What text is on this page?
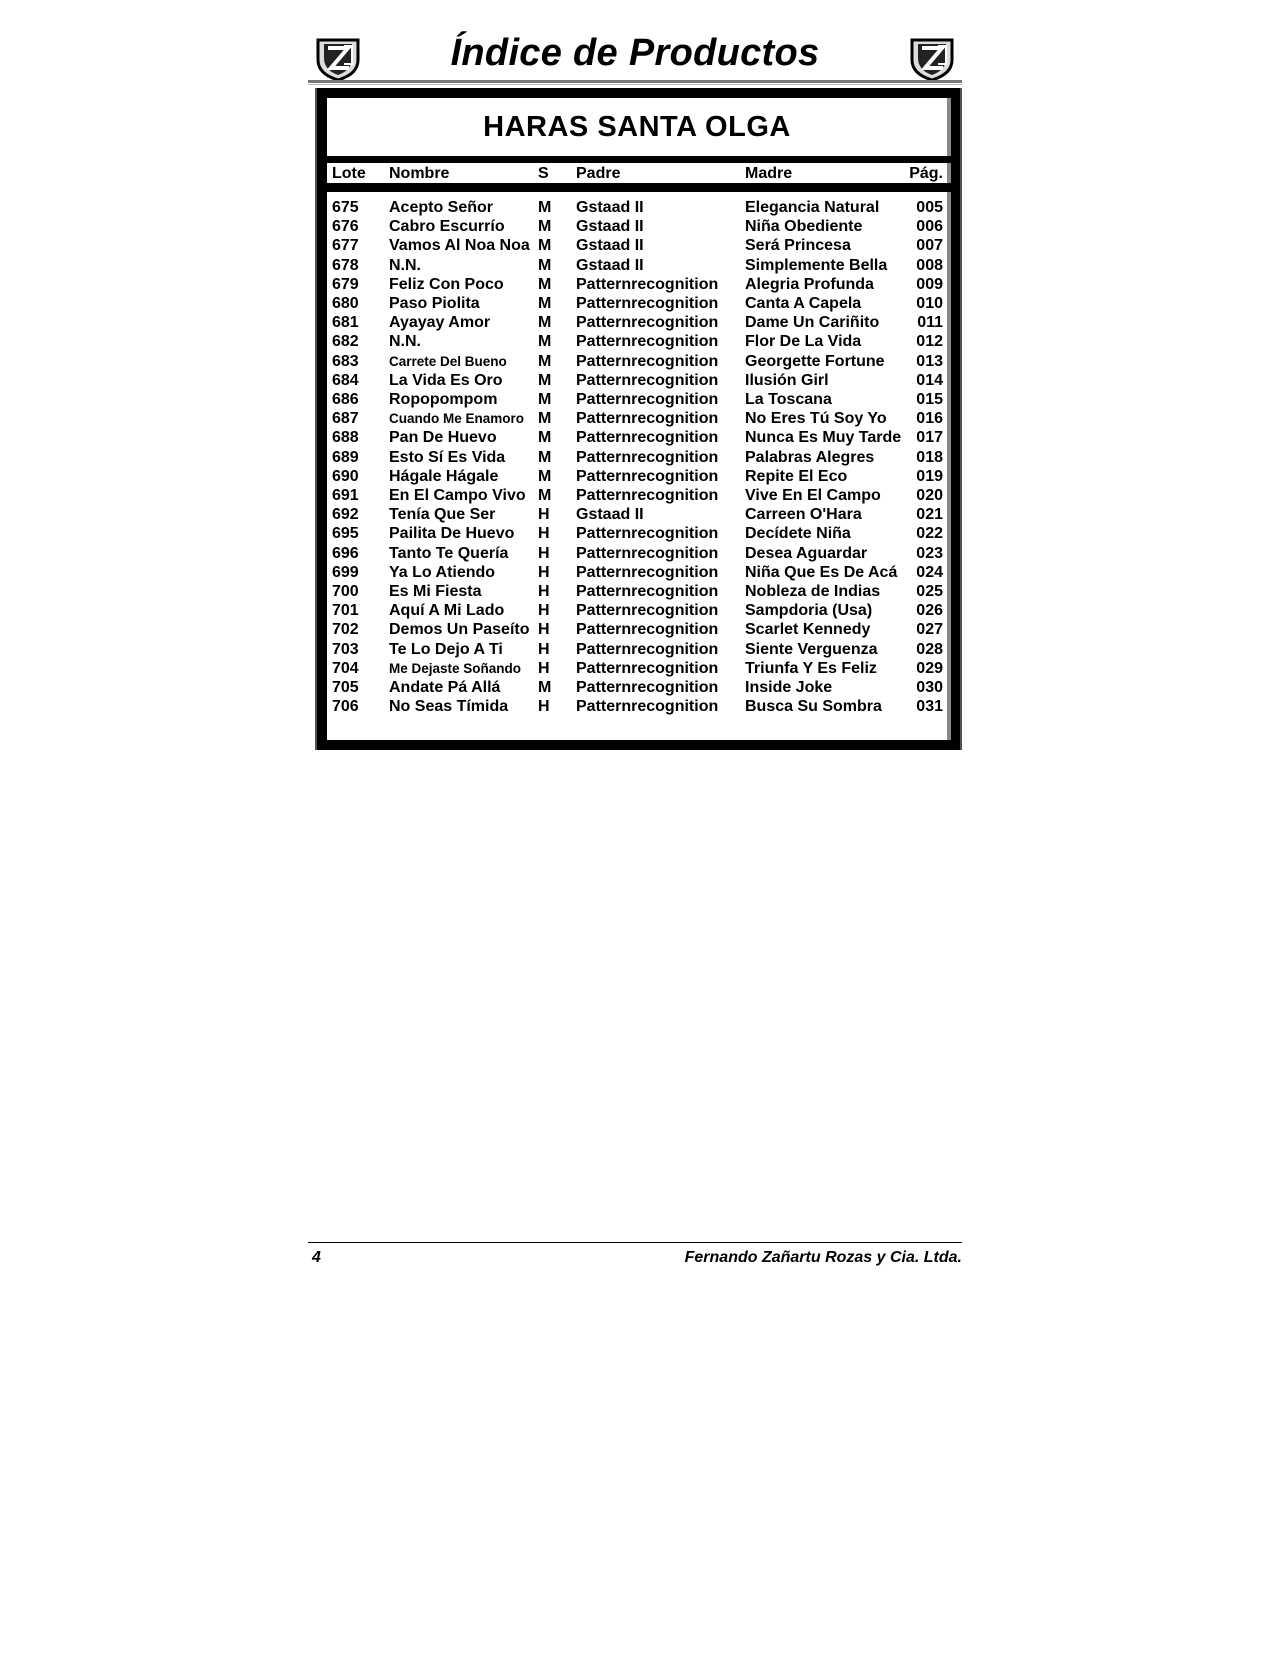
Índice de Productos
HARAS SANTA OLGA
Lote Nombre	S Padre	Madre	Pág.
675 Acepto Señor	M Gstaad II	Elegancia Natural 005
676 Cabro Escurrío	M Gstaad II	Niña Obediente	006
677 Vamos Al Noa Noa M Gstaad II	Será Princesa	007
678 N.N.	M Gstaad II	Simplemente Bella 008
679 Feliz Con Poco	M Patternrecognition Alegria Profunda	009
680 Paso Piolita	M Patternrecognition Canta A Capela	010
681 Ayayay Amor	M Patternrecognition Dame Un Cariñito 011
682 N.N.	M Patternrecognition Flor De La Vida	012
683 Carrete Del Bueno	M Patternrecognition Georgette Fortune 013
684 La Vida Es Oro	M Patternrecognition Ilusión Girl	014
686 Ropopompom	M Patternrecognition La Toscana	015
687 Cuando Me Enamoro M Patternrecognition No Eres Tú Soy Yo 016
688 Pan De Huevo	M Patternrecognition Nunca Es Muy Tarde 017
689 Esto Sí Es Vida	M Patternrecognition Palabras Alegres	018
690 Hágale Hágale	M Patternrecognition Repite El Eco	019
691 En El Campo Vivo M Patternrecognition Vive En El Campo 020
692 Tenía Que Ser	H Gstaad II	Carreen O'Hara	021
695 Pailita De Huevo	H Patternrecognition Decídete Niña	022
696 Tanto Te Quería	H Patternrecognition Desea Aguardar	023
699 Ya Lo Atiendo	H Patternrecognition Niña Que Es De Acá 024
700 Es Mi Fiesta	H Patternrecognition Nobleza de Indias 025
701 Aquí A Mi Lado	H Patternrecognition Sampdoria (Usa)	026
702 Demos Un Paseíto H Patternrecognition Scarlet Kennedy	027
703 Te Lo Dejo A Ti	H Patternrecognition Siente Verguenza 028
704 Me Dejaste Soñando	H Patternrecognition Triunfa Y Es Feliz 029
705 Andate Pá Allá	M Patternrecognition Inside Joke	030
706 No Seas Tímida	H Patternrecognition Busca Su Sombra 031
4	Fernando Zañartu Rozas y Cia. Ltda.
